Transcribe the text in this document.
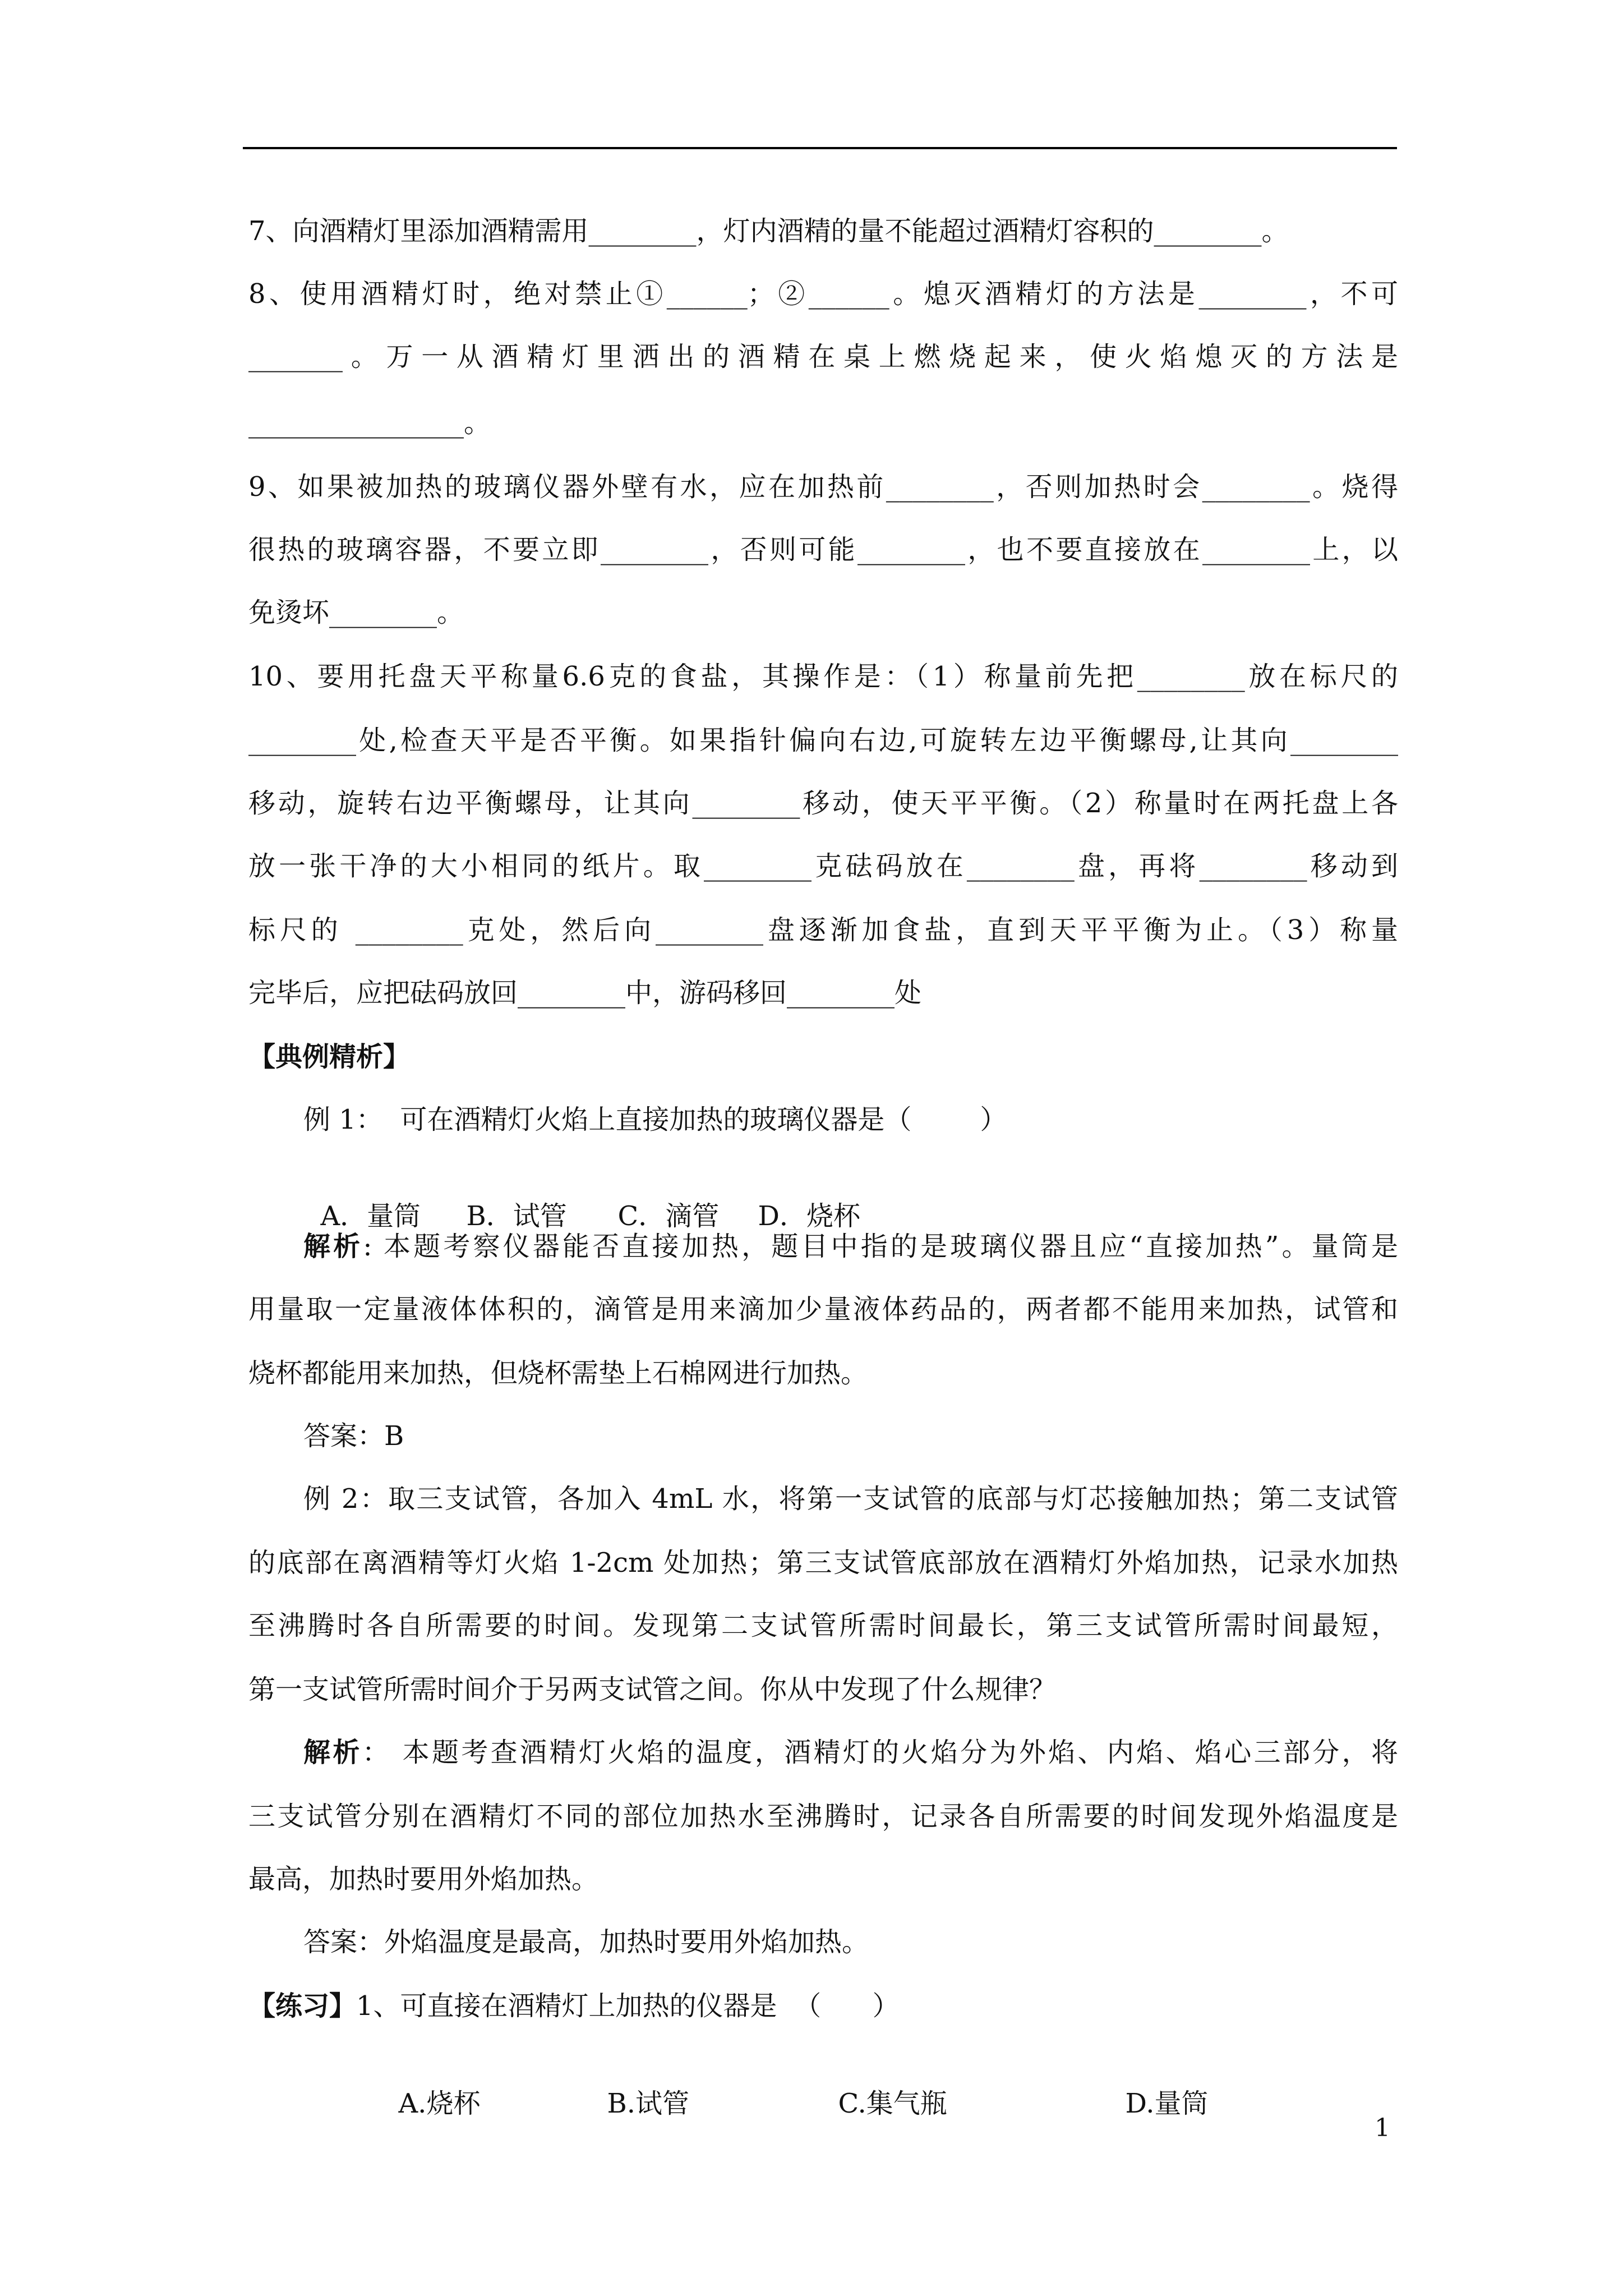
7、向酒精灯里添加酒精需用________，灯内酒精的量不能超过酒精灯容积的________。
8、使用酒精灯时，绝对禁止①______；②______。熄灭酒精灯的方法是________，不可
_______。万一从酒精灯里洒出的酒精在桌上燃烧起来，使火焰熄灭的方法是
________________。
9、如果被加热的玻璃仪器外壁有水，应在加热前________，否则加热时会________。烧得
很热的玻璃容器，不要立即________，否则可能________，也不要直接放在________上，以
免烫坏________。
10、要用托盘天平称量6.6克的食盐，其操作是：（1）称量前先把________放在标尺的
________处,检查天平是否平衡。如果指针偏向右边,可旋转左边平衡螺母,让其向________
移动，旋转右边平衡螺母，让其向________移动，使天平平衡。（2）称量时在两托盘上各
放一张干净的大小相同的纸片。取________克砝码放在________盘，再将________移动到
标尺的 ________克处，然后向________盘逐渐加食盐，直到天平平衡为止。（3）称量
完毕后，应把砝码放回________中，游码移回________处
【典例精析】
例 1：  可在酒精灯火焰上直接加热的玻璃仪器是（        ）

A．量筒 B．试管 C．滴管 D．烧杯

解析: 本题考察仪器能否直接加热，题目中指的是玻璃仪器且应“直接加热”。量筒是
用量取一定量液体体积的，滴管是用来滴加少量液体药品的，两者都不能用来加热，试管和
烧杯都能用来加热，但烧杯需垫上石棉网进行加热。
答案：B
例 2：取三支试管，各加入 4mL 水，将第一支试管的底部与灯芯接触加热；第二支试管
的底部在离酒精等灯火焰 1-2cm 处加热；第三支试管底部放在酒精灯外焰加热，记录水加热
至沸腾时各自所需要的时间。发现第二支试管所需时间最长，第三支试管所需时间最短，
第一支试管所需时间介于另两支试管之间。你从中发现了什么规律？
解析： 本题考查酒精灯火焰的温度，酒精灯的火焰分为外焰、内焰、焰心三部分，将
三支试管分别在酒精灯不同的部位加热水至沸腾时，记录各自所需要的时间发现外焰温度是
最高，加热时要用外焰加热。
答案：外焰温度是最高，加热时要用外焰加热。
【练习】1、可直接在酒精灯上加热的仪器是  （      ）

A.烧杯	B.试管	C.集气瓶	D.量筒

1
